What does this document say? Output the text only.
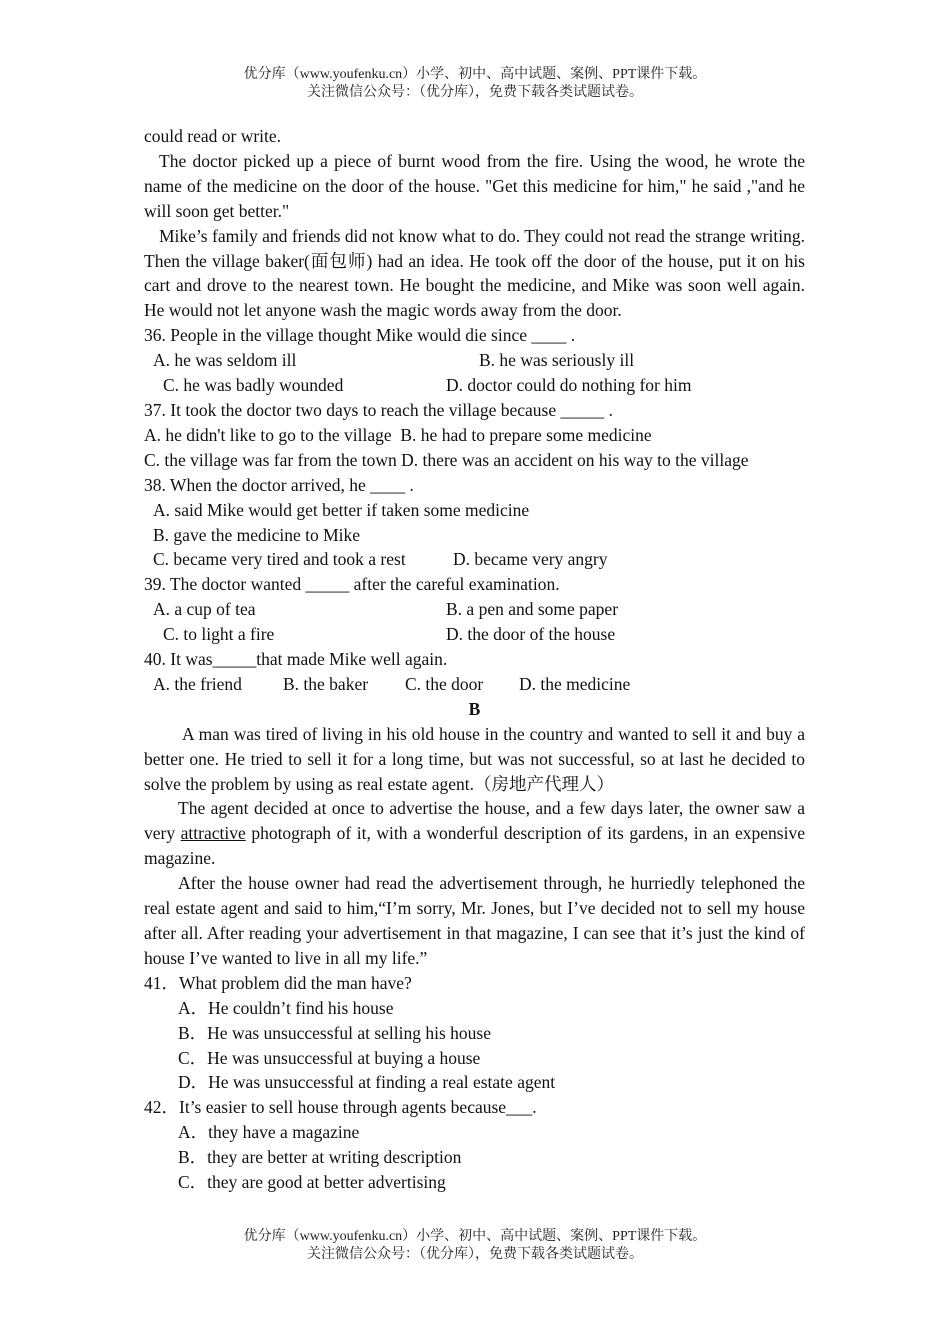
优分库（www.youfenku.cn）小学、初中、高中试题、案例、PPT课件下载。
关注微信公众号：（优分库），免费下载各类试题试卷。

could read or write.

The doctor picked up a piece of burnt wood from the fire. Using the wood, he wrote the name of the medicine on the door of the house. "Get this medicine for him," he said ,"and he will soon get better."

Mike’s family and friends did not know what to do. They could not read the strange writing. Then the village baker(面包师) had an idea. He took off the door of the house, put it on his cart and drove to the nearest town. He bought the medicine, and Mike was soon well again. He would not let anyone wash the magic words away from the door.

36. People in the village thought Mike would die since ____ .

A. he was seldom ill	B. he was seriously ill
C. he was badly wounded	D. doctor could do nothing for him

37. It took the doctor two days to reach the village because _____ .

A. he didn't like to go to the village  B. he had to prepare some medicine

C. the village was far from the town D. there was an accident on his way to the village

38. When the doctor arrived, he ____ .

A. said Mike would get better if taken some medicine

B. gave the medicine to Mike

C. became very tired and took a rest	D. became very angry

39. The doctor wanted _____ after the careful examination.

A. a cup of tea	B. a pen and some paper
C. to light a fire	D. the door of the house

40. It was_____that made Mike well again.

A. the friend	B. the baker	C. the door	D. the medicine

B

A man was tired of living in his old house in the country and wanted to sell it and buy a better one. He tried to sell it for a long time, but was not successful, so at last he decided to solve the problem by using as real estate agent.（房地产代理人）

The agent decided at once to advertise the house, and a few days later, the owner saw a very attractive photograph of it, with a wonderful description of its gardens, in an expensive magazine.

After the house owner had read the advertisement through, he hurriedly telephoned the real estate agent and said to him,“I’m sorry, Mr. Jones, but I’ve decided not to sell my house after all. After reading your advertisement in that magazine, I can see that it’s just the kind of house I’ve wanted to live in all my life.”

41．What problem did the man have?

A．He couldn’t find his house

B．He was unsuccessful at selling his house

C．He was unsuccessful at buying a house

D．He was unsuccessful at finding a real estate agent

42．It’s easier to sell house through agents because___.

A．they have a magazine

B．they are better at writing description

C．they are good at better advertising

优分库（www.youfenku.cn）小学、初中、高中试题、案例、PPT课件下载。
关注微信公众号：（优分库），免费下载各类试题试卷。
